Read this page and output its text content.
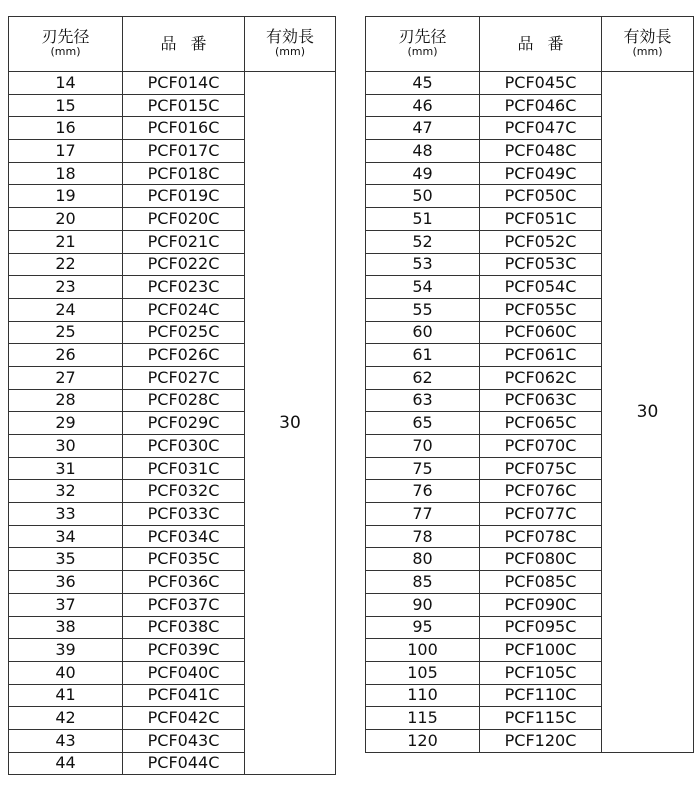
刃先径
(mm)	品 番	有効長
(mm)

14	PCF014C	30
15	PCF015C	
16	PCF016C	
17	PCF017C	
18	PCF018C	
19	PCF019C	
20	PCF020C	
21	PCF021C	
22	PCF022C	
23	PCF023C	
24	PCF024C	
25	PCF025C	
26	PCF026C	
27	PCF027C	
28	PCF028C	
29	PCF029C	
30	PCF030C	
31	PCF031C	
32	PCF032C	
33	PCF033C	
34	PCF034C	
35	PCF035C	
36	PCF036C	
37	PCF037C	
38	PCF038C	
39	PCF039C	
40	PCF040C	
41	PCF041C	
42	PCF042C	
43	PCF043C	
44	PCF044C	
刃先径
(mm)	品 番	有効長
(mm)

45	PCF045C	30
46	PCF046C	
47	PCF047C	
48	PCF048C	
49	PCF049C	
50	PCF050C	
51	PCF051C	
52	PCF052C	
53	PCF053C	
54	PCF054C	
55	PCF055C	
60	PCF060C	
61	PCF061C	
62	PCF062C	
63	PCF063C	
65	PCF065C	
70	PCF070C	
75	PCF075C	
76	PCF076C	
77	PCF077C	
78	PCF078C	
80	PCF080C	
85	PCF085C	
90	PCF090C	
95	PCF095C	
100	PCF100C	
105	PCF105C	
110	PCF110C	
115	PCF115C	
120	PCF120C	
